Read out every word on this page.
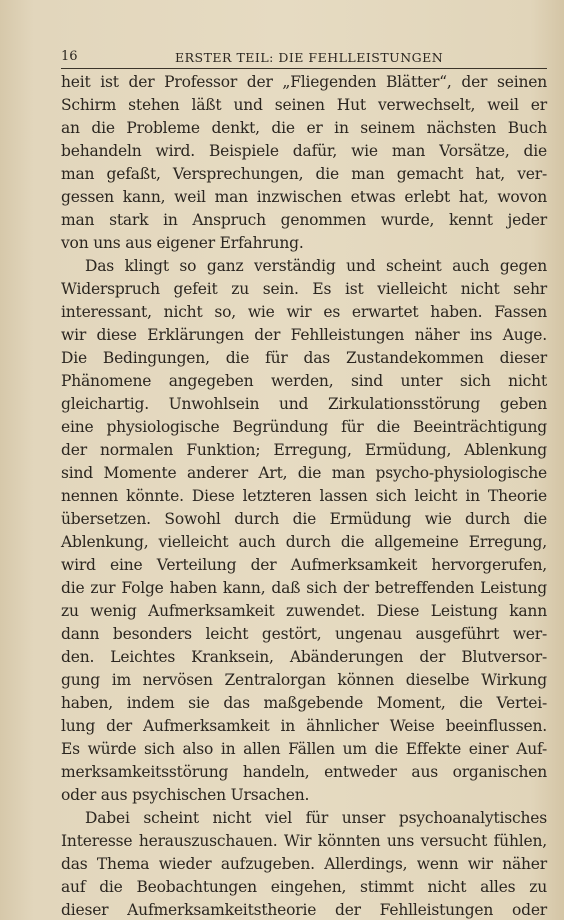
16	ERSTER TEIL: DIE FEHLLEISTUNGEN
heit ist der Professor der „Fliegenden Blätter“, der seinen
Schirm stehen läßt und seinen Hut verwechselt, weil er
an die Probleme denkt, die er in seinem nächsten Buch
behandeln wird. Beispiele dafür, wie man Vorsätze, die
man gefaßt, Versprechungen, die man gemacht hat, ver-
gessen kann, weil man inzwischen etwas erlebt hat, wovon
man stark in Anspruch genommen wurde, kennt jeder
von uns aus eigener Erfahrung.
Das klingt so ganz verständig und scheint auch gegen
Widerspruch gefeit zu sein. Es ist vielleicht nicht sehr
interessant, nicht so, wie wir es erwartet haben. Fassen
wir diese Erklärungen der Fehlleistungen näher ins Auge.
Die Bedingungen, die für das Zustandekommen dieser
Phänomene angegeben werden, sind unter sich nicht
gleichartig. Unwohlsein und Zirkulationsstörung geben
eine physiologische Begründung für die Beeinträchtigung
der normalen Funktion; Erregung, Ermüdung, Ablenkung
sind Momente anderer Art, die man psycho-physiologische
nennen könnte. Diese letzteren lassen sich leicht in Theorie
übersetzen. Sowohl durch die Ermüdung wie durch die
Ablenkung, vielleicht auch durch die allgemeine Erregung,
wird eine Verteilung der Aufmerksamkeit hervorgerufen,
die zur Folge haben kann, daß sich der betreffenden Leistung
zu wenig Aufmerksamkeit zuwendet. Diese Leistung kann
dann besonders leicht gestört, ungenau ausgeführt wer-
den. Leichtes Kranksein, Abänderungen der Blutversor-
gung im nervösen Zentralorgan können dieselbe Wirkung
haben, indem sie das maßgebende Moment, die Vertei-
lung der Aufmerksamkeit in ähnlicher Weise beeinflussen.
Es würde sich also in allen Fällen um die Effekte einer Auf-
merksamkeitsstörung handeln, entweder aus organischen
oder aus psychischen Ursachen.
Dabei scheint nicht viel für unser psychoanalytisches
Interesse herauszuschauen. Wir könnten uns versucht fühlen,
das Thema wieder aufzugeben. Allerdings, wenn wir näher
auf die Beobachtungen eingehen, stimmt nicht alles zu
dieser Aufmerksamkeitstheorie der Fehlleistungen oder
